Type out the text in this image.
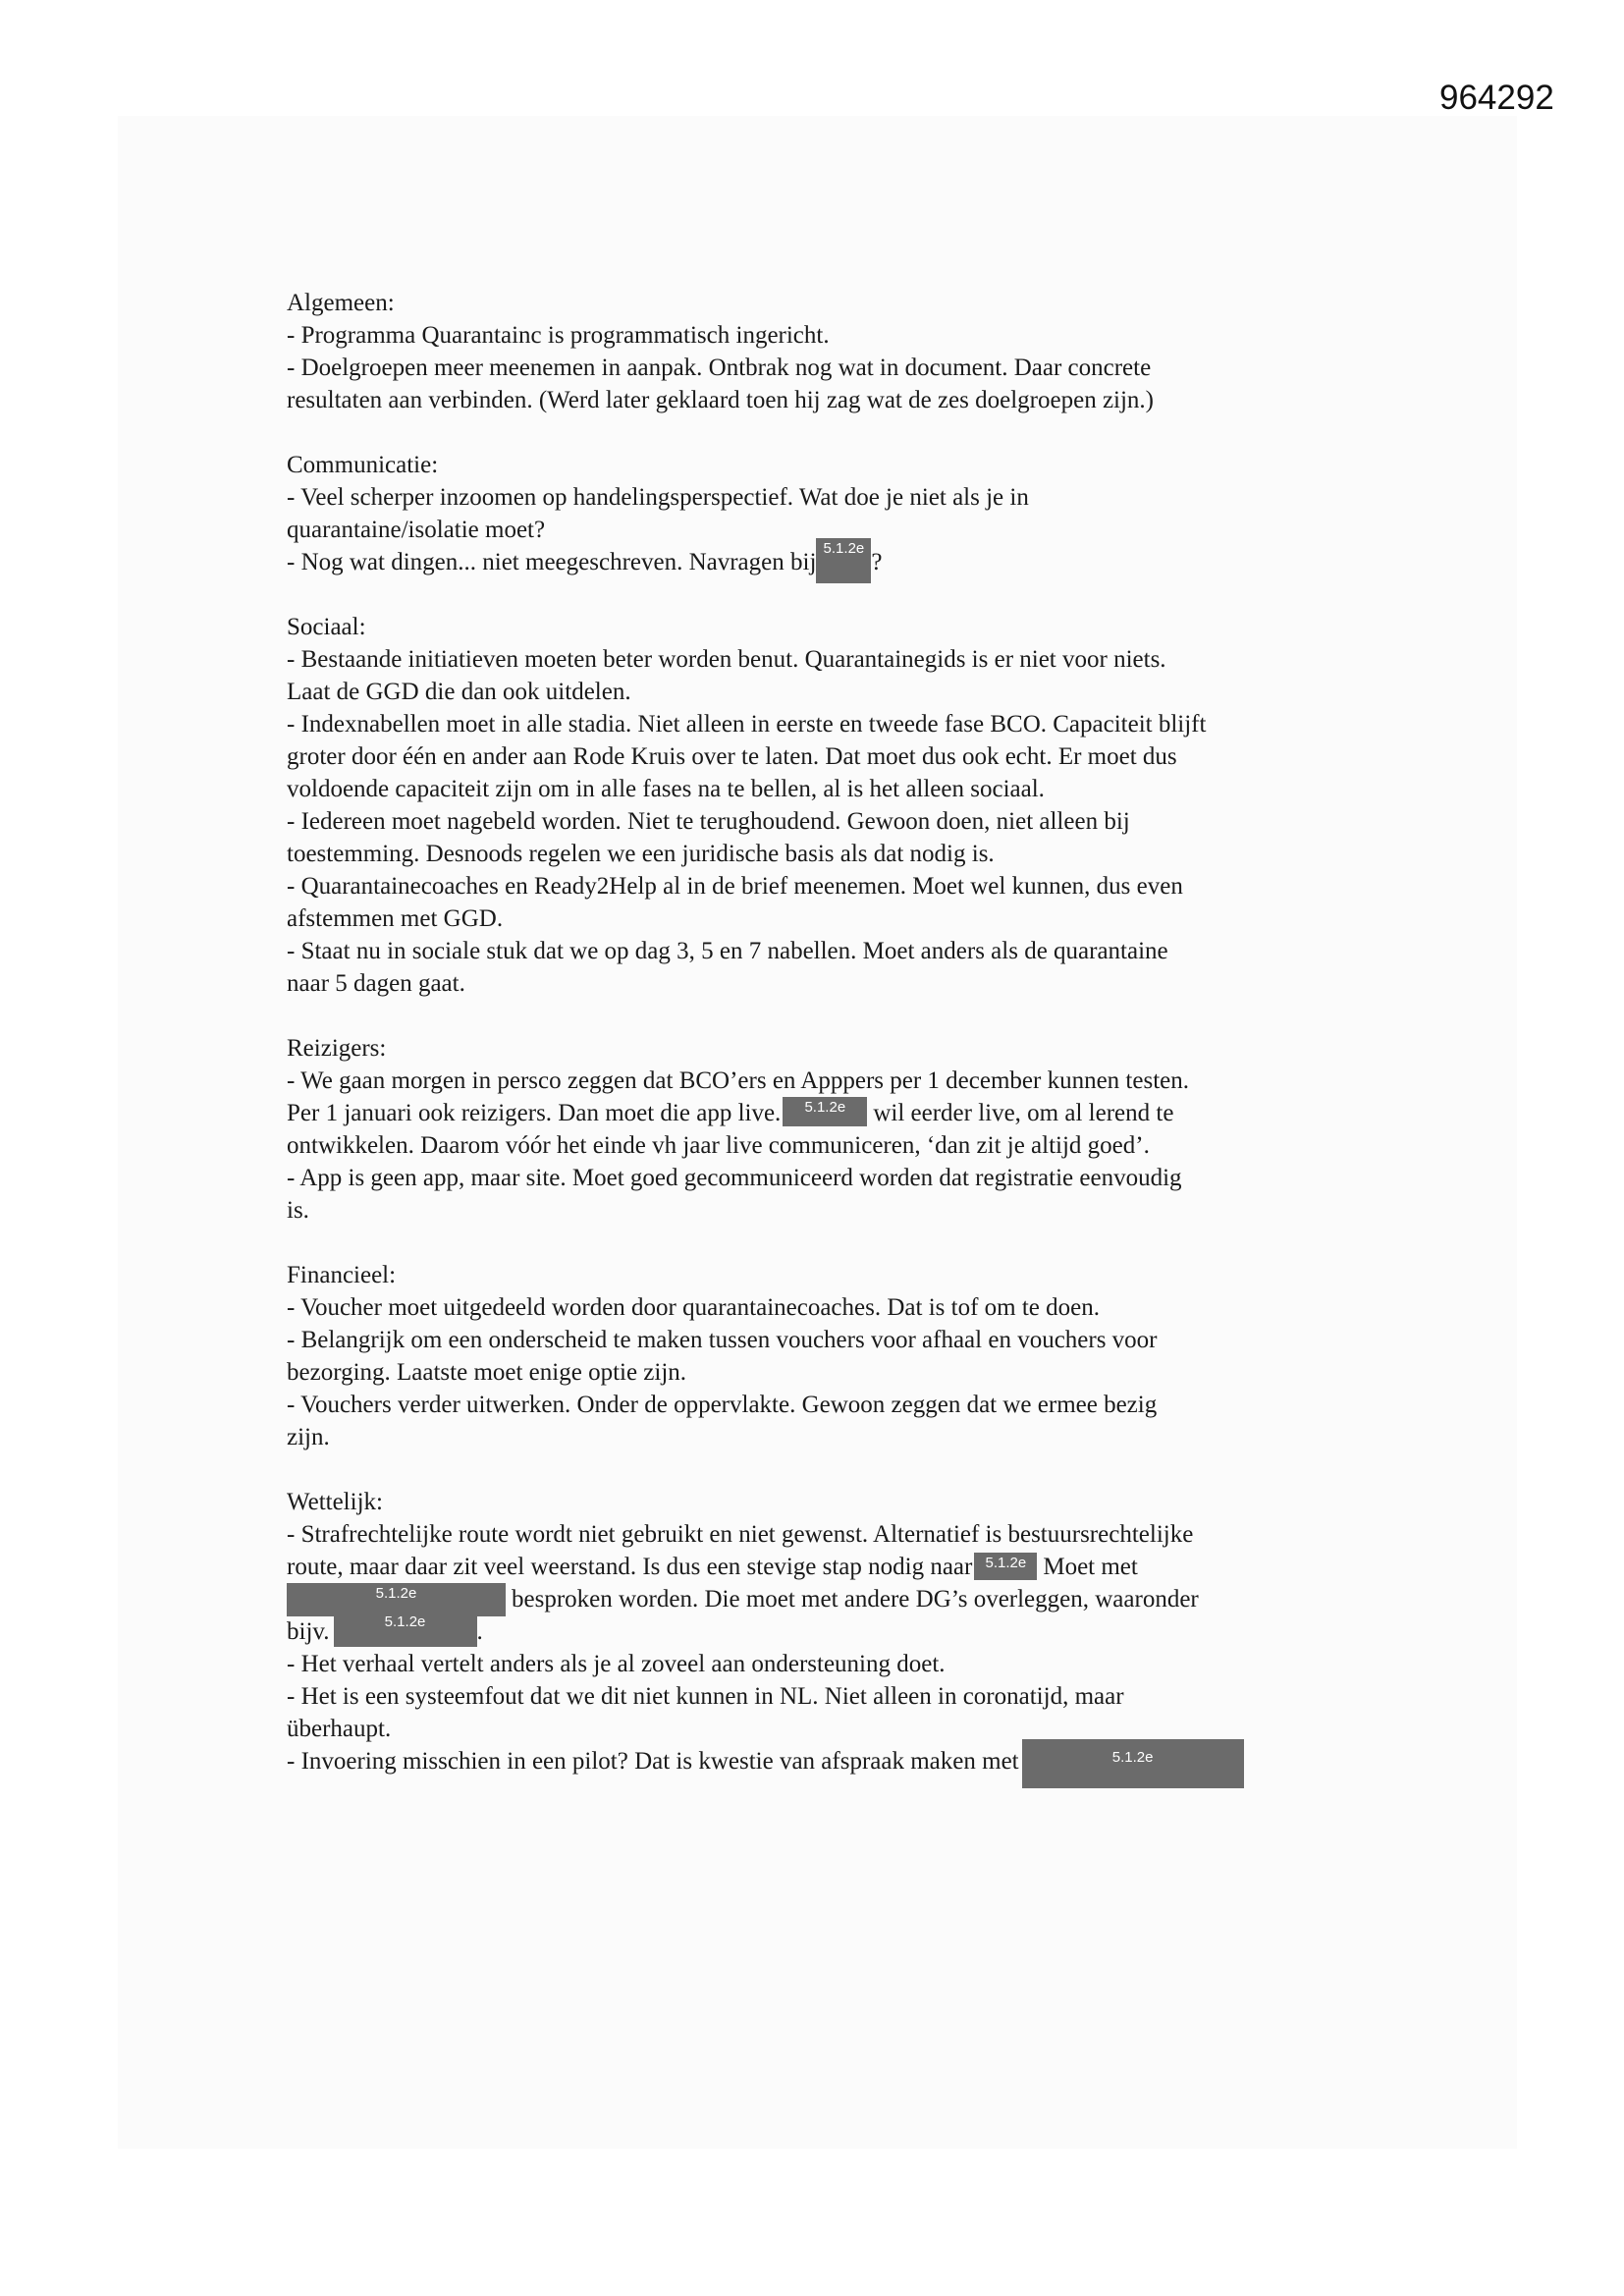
964292
Algemeen:
- Programma Quarantainc is programmatisch ingericht.
- Doelgroepen meer meenemen in aanpak. Ontbrak nog wat in document. Daar concrete
resultaten aan verbinden. (Werd later geklaard toen hij zag wat de zes doelgroepen zijn.)
Communicatie:
- Veel scherper inzoomen op handelingsperspectief. Wat doe je niet als je in
quarantaine/isolatie moet?
- Nog wat dingen... niet meegeschreven. Navragen bij5.1.2e?
Sociaal:
- Bestaande initiatieven moeten beter worden benut. Quarantainegids is er niet voor niets.
Laat de GGD die dan ook uitdelen.
- Indexnabellen moet in alle stadia. Niet alleen in eerste en tweede fase BCO. Capaciteit blijft
groter door één en ander aan Rode Kruis over te laten. Dat moet dus ook echt. Er moet dus
voldoende capaciteit zijn om in alle fases na te bellen, al is het alleen sociaal.
- Iedereen moet nagebeld worden. Niet te terughoudend. Gewoon doen, niet alleen bij
toestemming. Desnoods regelen we een juridische basis als dat nodig is.
- Quarantainecoaches en Ready2Help al in de brief meenemen. Moet wel kunnen, dus even
afstemmen met GGD.
- Staat nu in sociale stuk dat we op dag 3, 5 en 7 nabellen. Moet anders als de quarantaine
naar 5 dagen gaat.
Reizigers:
- We gaan morgen in persco zeggen dat BCO’ers en Apppers per 1 december kunnen testen.
Per 1 januari ook reizigers. Dan moet die app live. 5.1.2e wil eerder live, om al lerend te
ontwikkelen. Daarom vóór het einde vh jaar live communiceren, ‘dan zit je altijd goed’.
- App is geen app, maar site. Moet goed gecommuniceerd worden dat registratie eenvoudig
is.
Financieel:
- Voucher moet uitgedeeld worden door quarantainecoaches. Dat is tof om te doen.
- Belangrijk om een onderscheid te maken tussen vouchers voor afhaal en vouchers voor
bezorging. Laatste moet enige optie zijn.
- Vouchers verder uitwerken. Onder de oppervlakte. Gewoon zeggen dat we ermee bezig
zijn.
Wettelijk:
- Strafrechtelijke route wordt niet gebruikt en niet gewenst. Alternatief is bestuursrechtelijke
route, maar daar zit veel weerstand. Is dus een stevige stap nodig naar 5.1.2e Moet met
5.1.2e	besproken worden. Die moet met andere DG’s overleggen, waaronder
bijv.	5.1.2e .
- Het verhaal vertelt anders als je al zoveel aan ondersteuning doet.
- Het is een systeemfout dat we dit niet kunnen in NL. Niet alleen in coronatijd, maar
überhaupt.
- Invoering misschien in een pilot? Dat is kwestie van afspraak maken met	5.1.2e
